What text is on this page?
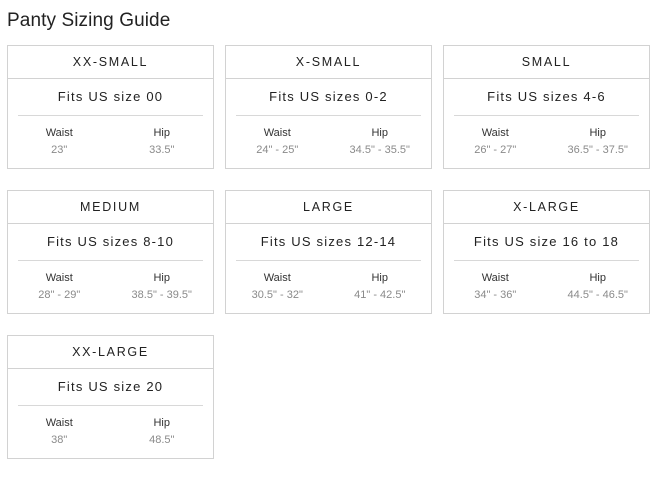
Panty Sizing Guide
XX-SMALL
Fits US size 00
Waist
23"
Hip
33.5"
X-SMALL
Fits US sizes 0-2
Waist
24" - 25"
Hip
34.5" - 35.5"
SMALL
Fits US sizes 4-6
Waist
26" - 27"
Hip
36.5" - 37.5"
MEDIUM
Fits US sizes 8-10
Waist
28" - 29"
Hip
38.5" - 39.5"
LARGE
Fits US sizes 12-14
Waist
30.5" - 32"
Hip
41" - 42.5"
X-LARGE
Fits US size 16 to 18
Waist
34" - 36"
Hip
44.5" - 46.5"
XX-LARGE
Fits US size 20
Waist
38"
Hip
48.5"
